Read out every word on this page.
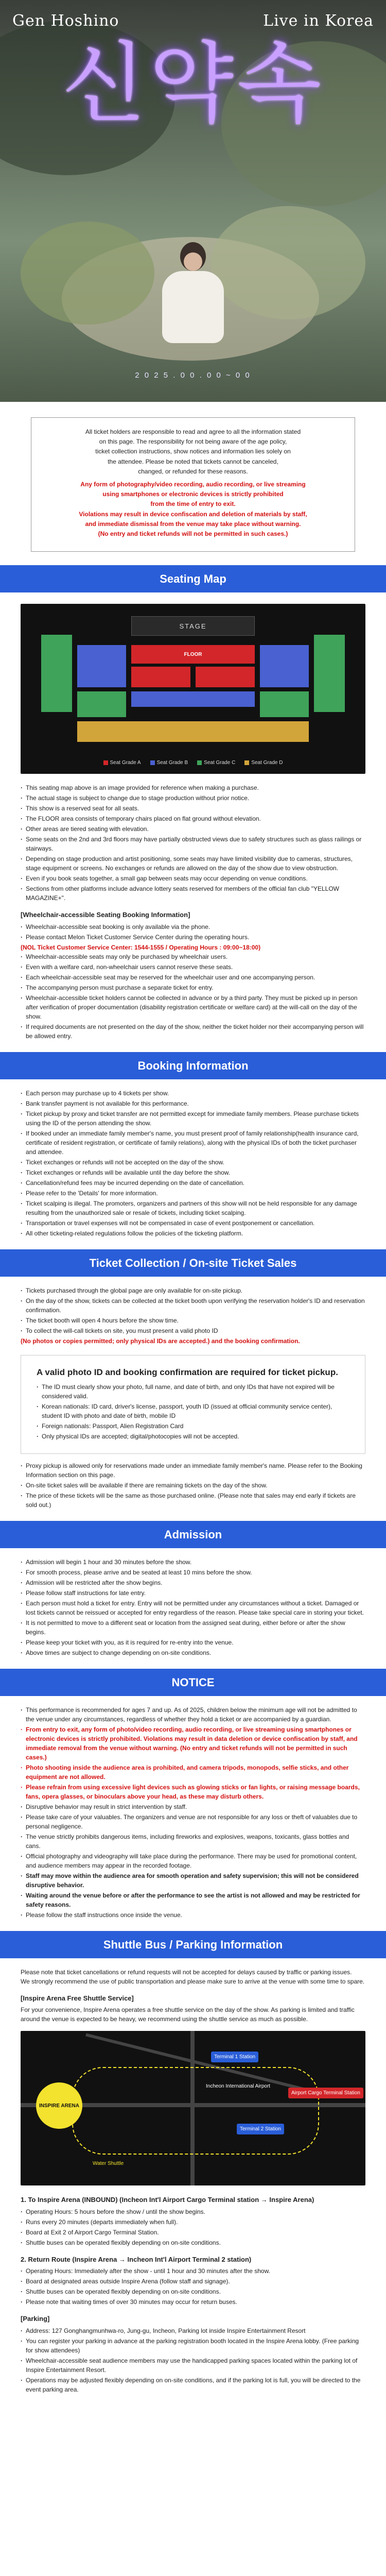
Gen Hoshino	Live in Korea
신약속
2 0 2 5 . 0 0 . 0 0 ~ 0 0

All ticket holders are responsible to read and agree to all the information stated
on this page. The responsibility for not being aware of the age policy,
ticket collection instructions, show notices and information lies solely on
the attendee. Please be noted that tickets cannot be canceled,
changed, or refunded for these reasons.

Any form of photography/video recording, audio recording, or live streaming
using smartphones or electronic devices is strictly prohibited
from the time of entry to exit.
Violations may result in device confiscation and deletion of materials by staff,
and immediate dismissal from the venue may take place without warning.
(No entry and ticket refunds will not be permitted in such cases.)

Seating Map
STAGE
FLOOR
Seat Grade A	Seat Grade B	Seat Grade C	Seat Grade D
· This seating map above is an image provided for reference when making a purchase.
· The actual stage is subject to change due to stage production without prior notice.
· This show is a reserved seat for all seats.
· The FLOOR area consists of temporary chairs placed on flat ground without elevation.
· Other areas are tiered seating with elevation.
· Some seats on the 2nd and 3rd floors may have partially obstructed views due to safety structures such as glass railings or stairways.
· Depending on stage production and artist positioning, some seats may have limited visibility due to cameras, structures, stage equipment or screens. No exchanges or refunds are allowed on the day of the show due to view obstruction.
· Even if you book seats together, a small gap between seats may occur depending on venue conditions.
· Sections from other platforms include advance lottery seats reserved for members of the official fan club "YELLOW MAGAZINE+".
[Wheelchair-accessible Seating Booking Information]
· Wheelchair-accessible seat booking is only available via the phone.
· Please contact Melon Ticket Customer Service Center during the operating hours.
(NOL Ticket Customer Service Center: 1544-1555 / Operating Hours : 09:00~18:00)
· Wheelchair-accessible seats may only be purchased by wheelchair users.
· Even with a welfare card, non-wheelchair users cannot reserve these seats.
· Each wheelchair-accessible seat may be reserved for the wheelchair user and one accompanying person.
· The accompanying person must purchase a separate ticket for entry.
· Wheelchair-accessible ticket holders cannot be collected in advance or by a third party. They must be picked up in person after verification of proper documentation (disability registration certificate or welfare card) at the will-call on the day of the show.
· If required documents are not presented on the day of the show, neither the ticket holder nor their accompanying person will be allowed entry.
Booking Information
· Each person may purchase up to 4 tickets per show.
· Bank transfer payment is not available for this performance.
· Ticket pickup by proxy and ticket transfer are not permitted except for immediate family members. Please purchase tickets using the ID of the person attending the show.
· If booked under an immediate family member's name, you must present proof of family relationship(health insurance card, certificate of resident registration, or certificate of family relations), along with the physical IDs of both the ticket purchaser and attendee.
· Ticket exchanges or refunds will not be accepted on the day of the show.
· Ticket exchanges or refunds will be available until the day before the show.
· Cancellation/refund fees may be incurred depending on the date of cancellation.
· Please refer to the 'Details' for more information.
· Ticket scalping is illegal. The promoters, organizers and partners of this show will not be held responsible for any damage resulting from the unauthorized sale or resale of tickets, including ticket scalping.
· Transportation or travel expenses will not be compensated in case of event postponement or cancellation.
· All other ticketing-related regulations follow the policies of the ticketing platform.
Ticket Collection / On-site Ticket Sales
· Tickets purchased through the global page are only available for on-site pickup.
· On the day of the show, tickets can be collected at the ticket booth upon verifying the reservation holder's ID and reservation confirmation.
· The ticket booth will open 4 hours before the show time.
· To collect the will-call tickets on site, you must present a valid photo ID
(No photos or copies permitted; only physical IDs are accepted.) and the booking confirmation.
A valid photo ID and booking confirmation are required for ticket pickup.
· The ID must clearly show your photo, full name, and date of birth, and only IDs that have not expired will be considered valid.
· Korean nationals: ID card, driver's license, passport, youth ID (issued at official community service center), student ID with photo and date of birth, mobile ID
· Foreign nationals: Passport, Alien Registration Card
· Only physical IDs are accepted; digital/photocopies will not be accepted.
· Proxy pickup is allowed only for reservations made under an immediate family member's name. Please refer to the Booking Information section on this page.
· On-site ticket sales will be available if there are remaining tickets on the day of the show.
· The price of these tickets will be the same as those purchased online. (Please note that sales may end early if tickets are sold out.)
Admission
· Admission will begin 1 hour and 30 minutes before the show.
· For smooth process, please arrive and be seated at least 10 mins before the show.
· Admission will be restricted after the show begins.
· Please follow staff instructions for late entry.
· Each person must hold a ticket for entry. Entry will not be permitted under any circumstances without a ticket. Damaged or lost tickets cannot be reissued or accepted for entry regardless of the reason. Please take special care in storing your ticket.
· It is not permitted to move to a different seat or location from the assigned seat during, either before or after the show begins.
· Please keep your ticket with you, as it is required for re-entry into the venue.
· Above times are subject to change depending on on-site conditions.
NOTICE
· This performance is recommended for ages 7 and up. As of 2025, children below the minimum age will not be admitted to the venue under any circumstances, regardless of whether they hold a ticket or are accompanied by a guardian.
· From entry to exit, any form of photo/video recording, audio recording, or live streaming using smartphones or electronic devices is strictly prohibited. Violations may result in data deletion or device confiscation by staff, and immediate removal from the venue without warning. (No entry and ticket refunds will not be permitted in such cases.)
· Photo shooting inside the audience area is prohibited, and camera tripods, monopods, selfie sticks, and other equipment are not allowed.
· Please refrain from using excessive light devices such as glowing sticks or fan lights, or raising message boards, fans, opera glasses, or binoculars above your head, as these may disturb others.
· Disruptive behavior may result in strict intervention by staff.
· Please take care of your valuables. The organizers and venue are not responsible for any loss or theft of valuables due to personal negligence.
· The venue strictly prohibits dangerous items, including fireworks and explosives, weapons, toxicants, glass bottles and cans.
· Official photography and videography will take place during the performance. There may be used for promotional content, and audience members may appear in the recorded footage.
· Staff may move within the audience area for smooth operation and safety supervision; this will not be considered disruptive behavior.
· Waiting around the venue before or after the performance to see the artist is not allowed and may be restricted for safety reasons.
· Please follow the staff instructions once inside the venue.
Shuttle Bus / Parking Information

Please note that ticket cancellations or refund requests will not be accepted for delays caused by traffic or parking issues.

We strongly recommend the use of public transportation and please make sure to arrive at the venue with some time to spare.

[Inspire Arena Free Shuttle Service]

For your convenience, Inspire Arena operates a free shuttle service on the day of the show. As parking is limited and traffic around the venue is expected to be heavy, we recommend using the shuttle service as much as possible.

INSPIRE ARENA
Terminal 1 Station
Terminal 2 Station
Incheon International Airport
Airport Cargo Terminal Station
Water Shuttle
1. To Inspire Arena (INBOUND) (Incheon Int'l Airport Cargo Terminal station → Inspire Arena)
· Operating Hours: 5 hours before the show / until the show begins.
· Runs every 20 minutes (departs immediately when full).
· Board at Exit 2 of Airport Cargo Terminal Station.
· Shuttle buses can be operated flexibly depending on on-site conditions.
2. Return Route (Inspire Arena → Incheon Int'l Airport Terminal 2 station)
· Operating Hours: Immediately after the show - until 1 hour and 30 minutes after the show.
· Board at designated areas outside Inspire Arena (follow staff and signage).
· Shuttle buses can be operated flexibly depending on on-site conditions.
· Please note that waiting times of over 30 minutes may occur for return buses.
[Parking]
· Address: 127 Gonghangmunhwa-ro, Jung-gu, Incheon, Parking lot inside Inspire Entertainment Resort
· You can register your parking in advance at the parking registration booth located in the Inspire Arena lobby. (Free parking for show attendees)
· Wheelchair-accessible seat audience members may use the handicapped parking spaces located within the parking lot of Inspire Entertainment Resort.
· Operations may be adjusted flexibly depending on on-site conditions, and if the parking lot is full, you will be directed to the event parking area.
